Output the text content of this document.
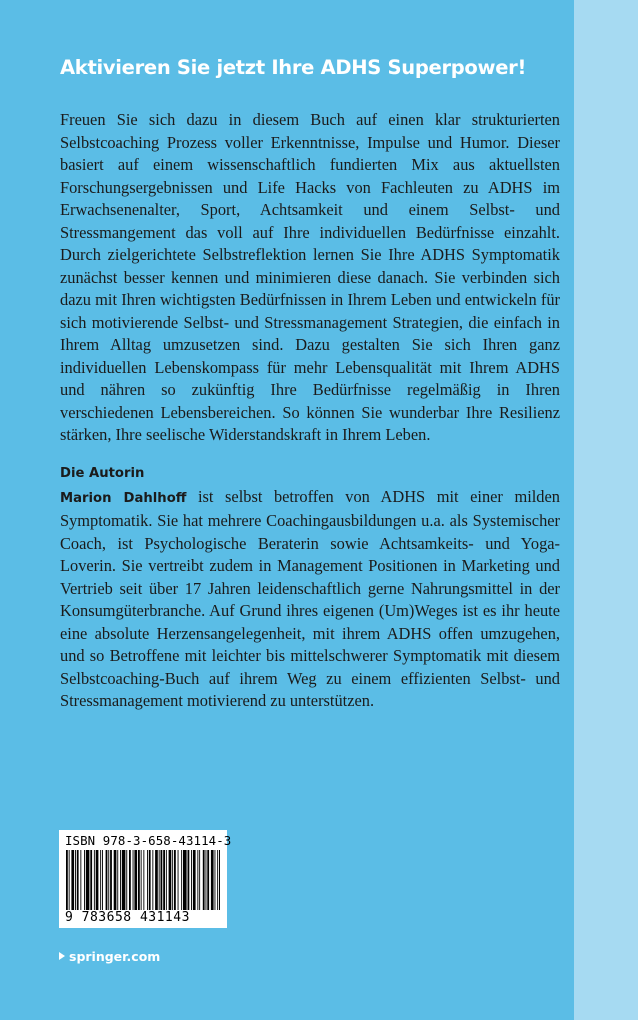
Aktivieren Sie jetzt Ihre ADHS Superpower!

Freuen Sie sich dazu in diesem Buch auf einen klar strukturierten Selbstcoaching Prozess voller Erkenntnisse, Impulse und Humor. Dieser basiert auf einem wissenschaftlich fundierten Mix aus aktuellsten Forschungsergebnissen und Life Hacks von Fachleuten zu ADHS im Erwachsenenalter, Sport, Achtsamkeit und einem Selbst- und Stressmangement das voll auf Ihre individuellen Bedürfnisse einzahlt. Durch zielgerichtete Selbstreflektion lernen Sie Ihre ADHS Symptomatik zunächst besser kennen und minimieren diese danach. Sie verbinden sich dazu mit Ihren wichtigsten Bedürfnissen in Ihrem Leben und entwickeln für sich motivierende Selbst- und Stressmanagement Strategien, die einfach in Ihrem Alltag umzusetzen sind. Dazu gestalten Sie sich Ihren ganz individuellen Lebenskompass für mehr Lebensqualität mit Ihrem ADHS und nähren so zukünftig Ihre Bedürfnisse regelmäßig in Ihren verschiedenen Lebensbereichen. So können Sie wunderbar Ihre Resilienz stärken, Ihre seelische Widerstandskraft in Ihrem Leben.

Die Autorin

Marion Dahlhoff ist selbst betroffen von ADHS mit einer milden Symptomatik. Sie hat mehrere Coachingausbildungen u.a. als Systemischer Coach, ist Psychologische Beraterin sowie Achtsamkeits- und Yoga-Loverin. Sie vertreibt zudem in Management Positionen in Marketing und Vertrieb seit über 17 Jahren leidenschaftlich gerne Nahrungsmittel in der Konsumgüterbranche. Auf Grund ihres eigenen (Um)Weges ist es ihr heute eine absolute Herzensangelegenheit, mit ihrem ADHS offen umzugehen, und so Betroffene mit leichter bis mittelschwerer Symptomatik mit diesem Selbstcoaching-Buch auf ihrem Weg zu einem effizienten Selbst- und Stressmanagement motivierend zu unterstützen.

ISBN 978-3-658-43114-3
9 783658 431143
springer.com
